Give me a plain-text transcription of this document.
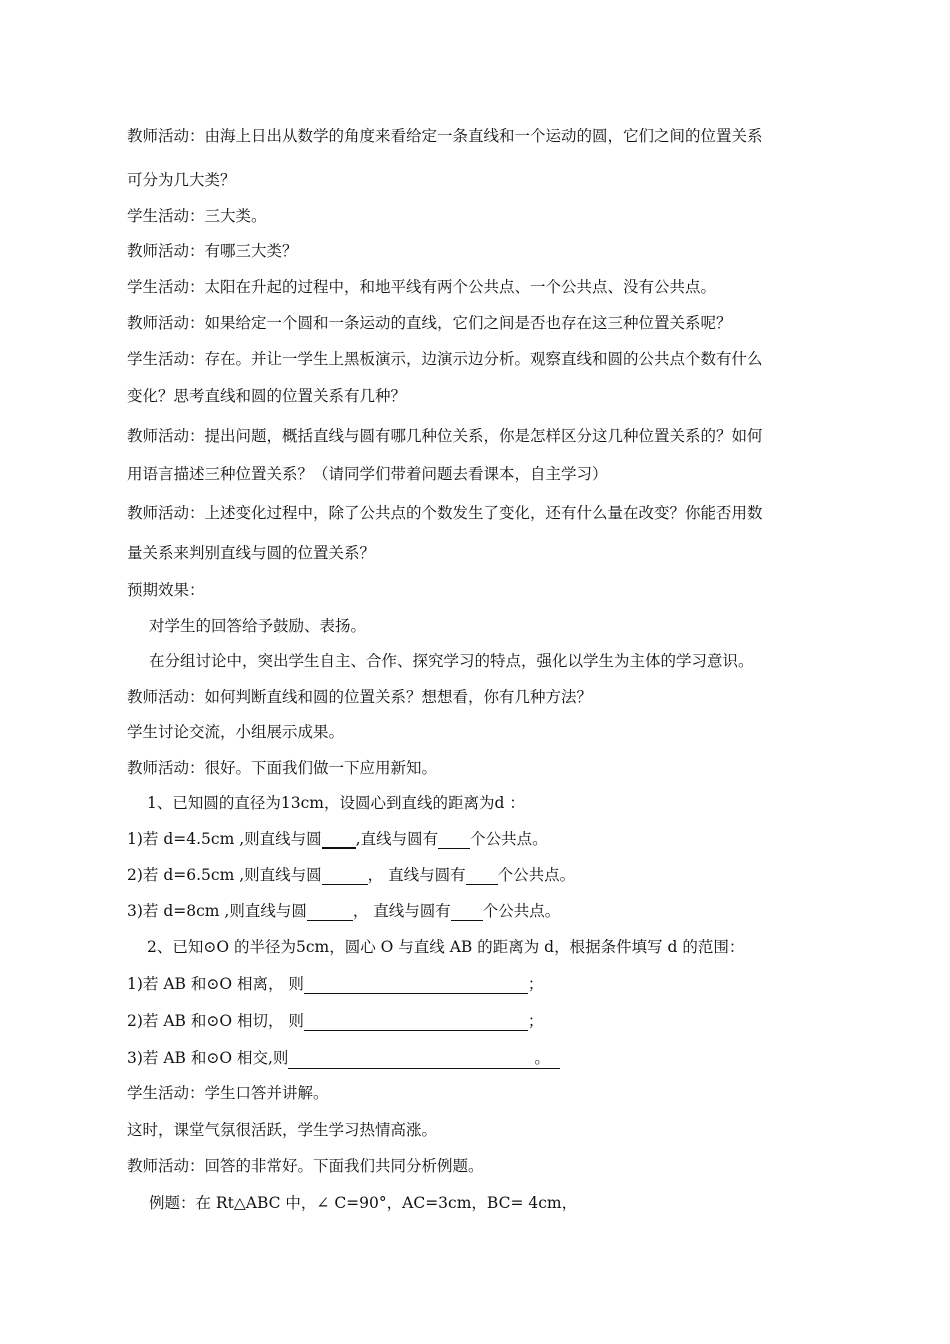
教师活动：由海上日出从数学的角度来看给定一条直线和一个运动的圆，它们之间的位置关系
可分为几大类？
学生活动：三大类。
教师活动：有哪三大类？
学生活动：太阳在升起的过程中，和地平线有两个公共点、一个公共点、没有公共点。
教师活动：如果给定一个圆和一条运动的直线，它们之间是否也存在这三种位置关系呢？
学生活动：存在。并让一学生上黑板演示，边演示边分析。观察直线和圆的公共点个数有什么
变化？思考直线和圆的位置关系有几种？
教师活动：提出问题，概括直线与圆有哪几种位关系，你是怎样区分这几种位置关系的？如何
用语言描述三种位置关系？（请同学们带着问题去看课本，自主学习）
教师活动：上述变化过程中，除了公共点的个数发生了变化，还有什么量在改变？你能否用数
量关系来判别直线与圆的位置关系？
预期效果：
对学生的回答给予鼓励、表扬。
在分组讨论中，突出学生自主、合作、探究学习的特点，强化以学生为主体的学习意识。
教师活动：如何判断直线和圆的位置关系？想想看，你有几种方法？
学生讨论交流，小组展示成果。
教师活动：很好。下面我们做一下应用新知。
1、已知圆的直径为13cm，设圆心到直线的距离为d ：
1)若 d=4.5cm ,则直线与圆 ,直线与圆有 个公共点。
2)若 d=6.5cm ,则直线与圆	， 直线与圆有 个公共点。
3)若 d=8cm ,则直线与圆	， 直线与圆有 个公共点。
2、已知⊙O 的半径为5cm，圆心 O 与直线 AB 的距离为 d，根据条件填写 d 的范围：
1)若 AB 和⊙O 相离， 则	；
2)若 AB 和⊙O 相切， 则	；
3)若 AB 和⊙O 相交,则	。
学生活动：学生口答并讲解。
这时，课堂气氛很活跃，学生学习热情高涨。
教师活动：回答的非常好。下面我们共同分析例题。
例题：在 Rt△ABC 中，∠ C=90°，AC=3cm，BC= 4cm，
